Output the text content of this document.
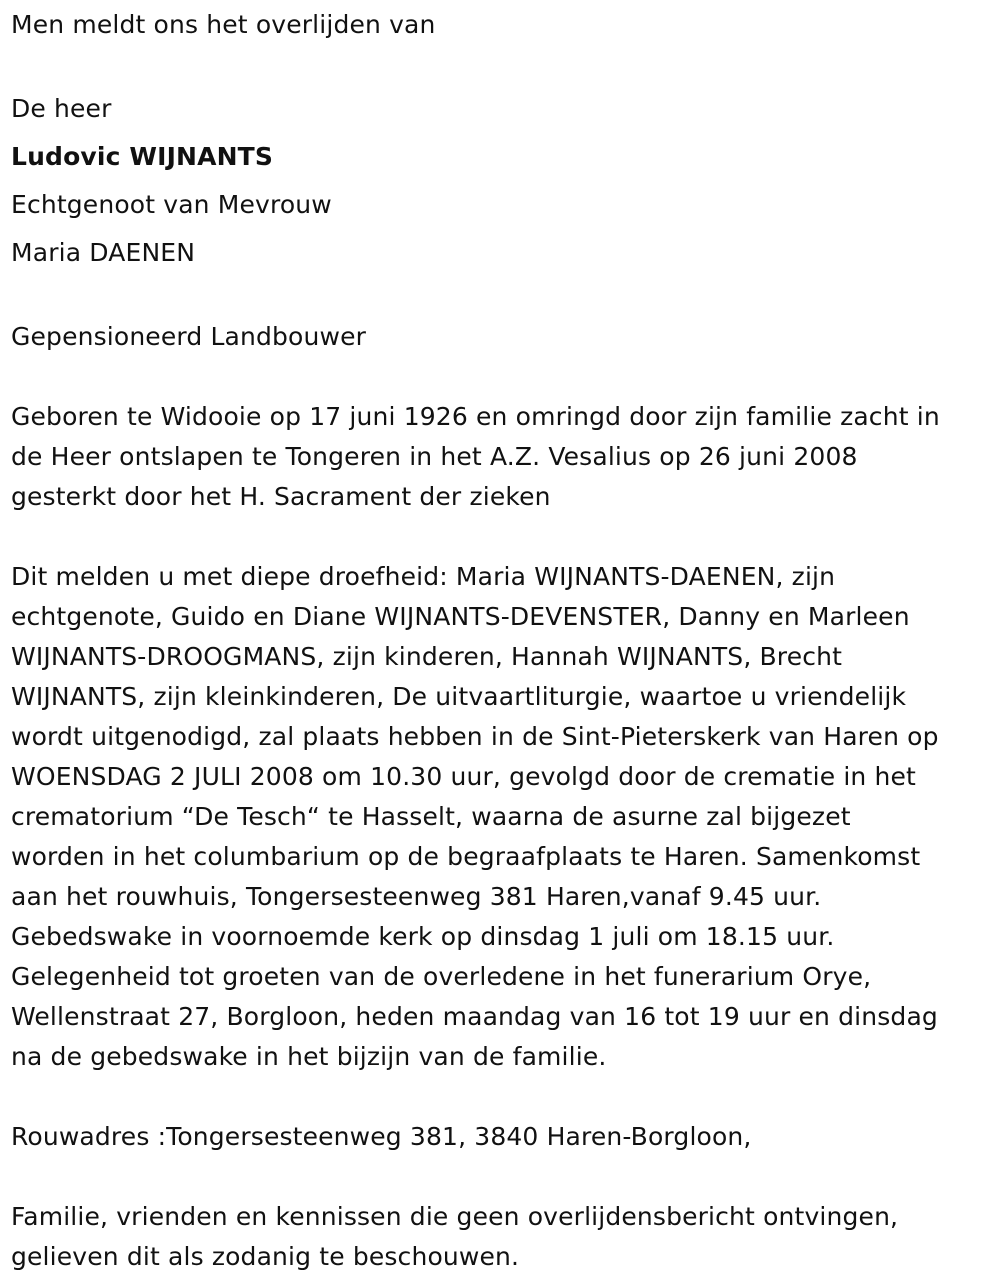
Men meldt ons het overlijden van
De heer
Ludovic WIJNANTS
Echtgenoot van Mevrouw
Maria DAENEN
Gepensioneerd Landbouwer
Geboren te Widooie op 17 juni 1926 en omringd door zijn familie zacht in
de Heer ontslapen te Tongeren in het A.Z. Vesalius op 26 juni 2008
gesterkt door het H. Sacrament der zieken
Dit melden u met diepe droefheid: Maria WIJNANTS-DAENEN, zijn
echtgenote, Guido en Diane WIJNANTS-DEVENSTER, Danny en Marleen
WIJNANTS-DROOGMANS, zijn kinderen, Hannah WIJNANTS, Brecht
WIJNANTS, zijn kleinkinderen, De uitvaartliturgie, waartoe u vriendelijk
wordt uitgenodigd, zal plaats hebben in de Sint-Pieterskerk van Haren op
WOENSDAG 2 JULI 2008 om 10.30 uur, gevolgd door de crematie in het
crematorium “De Tesch“ te Hasselt, waarna de asurne zal bijgezet
worden in het columbarium op de begraafplaats te Haren. Samenkomst
aan het rouwhuis, Tongersesteenweg 381 Haren,vanaf 9.45 uur.
Gebedswake in voornoemde kerk op dinsdag 1 juli om 18.15 uur.
Gelegenheid tot groeten van de overledene in het funerarium Orye,
Wellenstraat 27, Borgloon, heden maandag van 16 tot 19 uur en dinsdag
na de gebedswake in het bijzijn van de familie.
Rouwadres :Tongersesteenweg 381, 3840 Haren-Borgloon,
Familie, vrienden en kennissen die geen overlijdensbericht ontvingen,
gelieven dit als zodanig te beschouwen.
